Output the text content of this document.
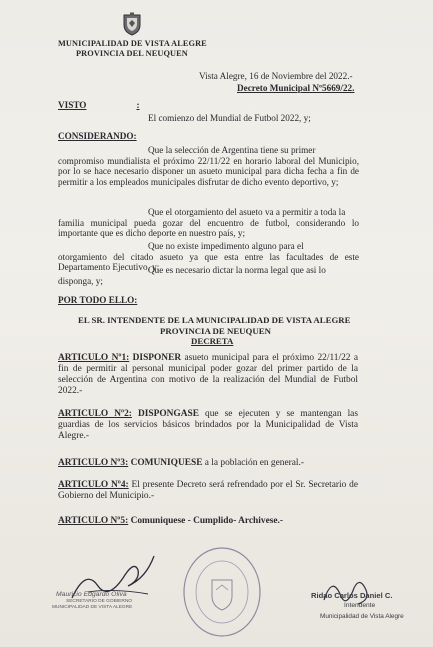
MUNICIPALIDAD DE VISTA ALEGRE
PROVINCIA DEL NEUQUEN
Vista Alegre, 16 de Noviembre del 2022.-
Decreto Municipal Nº5669/22.
VISTO	:
El comienzo del Mundial de Futbol 2022, y;
CONSIDERANDO:
Que la selección de Argentina tiene su primer
compromiso mundialista el próximo 22/11/22 en horario laboral del Municipio, por lo se hace necesario disponer un asueto municipal para dicha fecha a fin de permitir a los empleados municipales disfrutar de dicho evento deportivo, y;
Que el otorgamiento del asueto va a permitir a toda la
familia municipal pueda gozar del encuentro de futbol, considerando lo importante que es dicho deporte en nuestro país, y;
Que no existe impedimento alguno para el
otorgamiento del citado asueto ya que esta entre las facultades de este Departamento Ejecutivo, y;
Que es necesario dictar la norma legal que asi lo
disponga, y;
POR TODO ELLO:
EL SR. INTENDENTE DE LA MUNICIPALIDAD DE VISTA ALEGRE
PROVINCIA DE NEUQUEN
DECRETA
ARTICULO Nº1: DISPONER asueto municipal para el próximo 22/11/22 a fin de permitir al personal municipal poder gozar del primer partido de la selección de Argentina con motivo de la realización del Mundial de Futbol 2022.-
ARTICULO Nº2: DISPONGASE que se ejecuten y se mantengan las guardias de los servicios básicos brindados por la Municipalidad de Vista Alegre.-
ARTICULO Nº3: COMUNIQUESE a la población en general.-
ARTICULO Nº4: El presente Decreto será refrendado por el Sr. Secretario de Gobierno del Municipio.-
ARTICULO Nº5: Comuniquese - Cumplido- Archivese.-
Mauricio Edgardo Oliva
SECRETARIO DE GOBIERNO
MUNICIPALIDAD DE VISTA ALEGRE
Ridao Carlos Daniel C.
Intendente
Municipalidad de Vista Alegre
